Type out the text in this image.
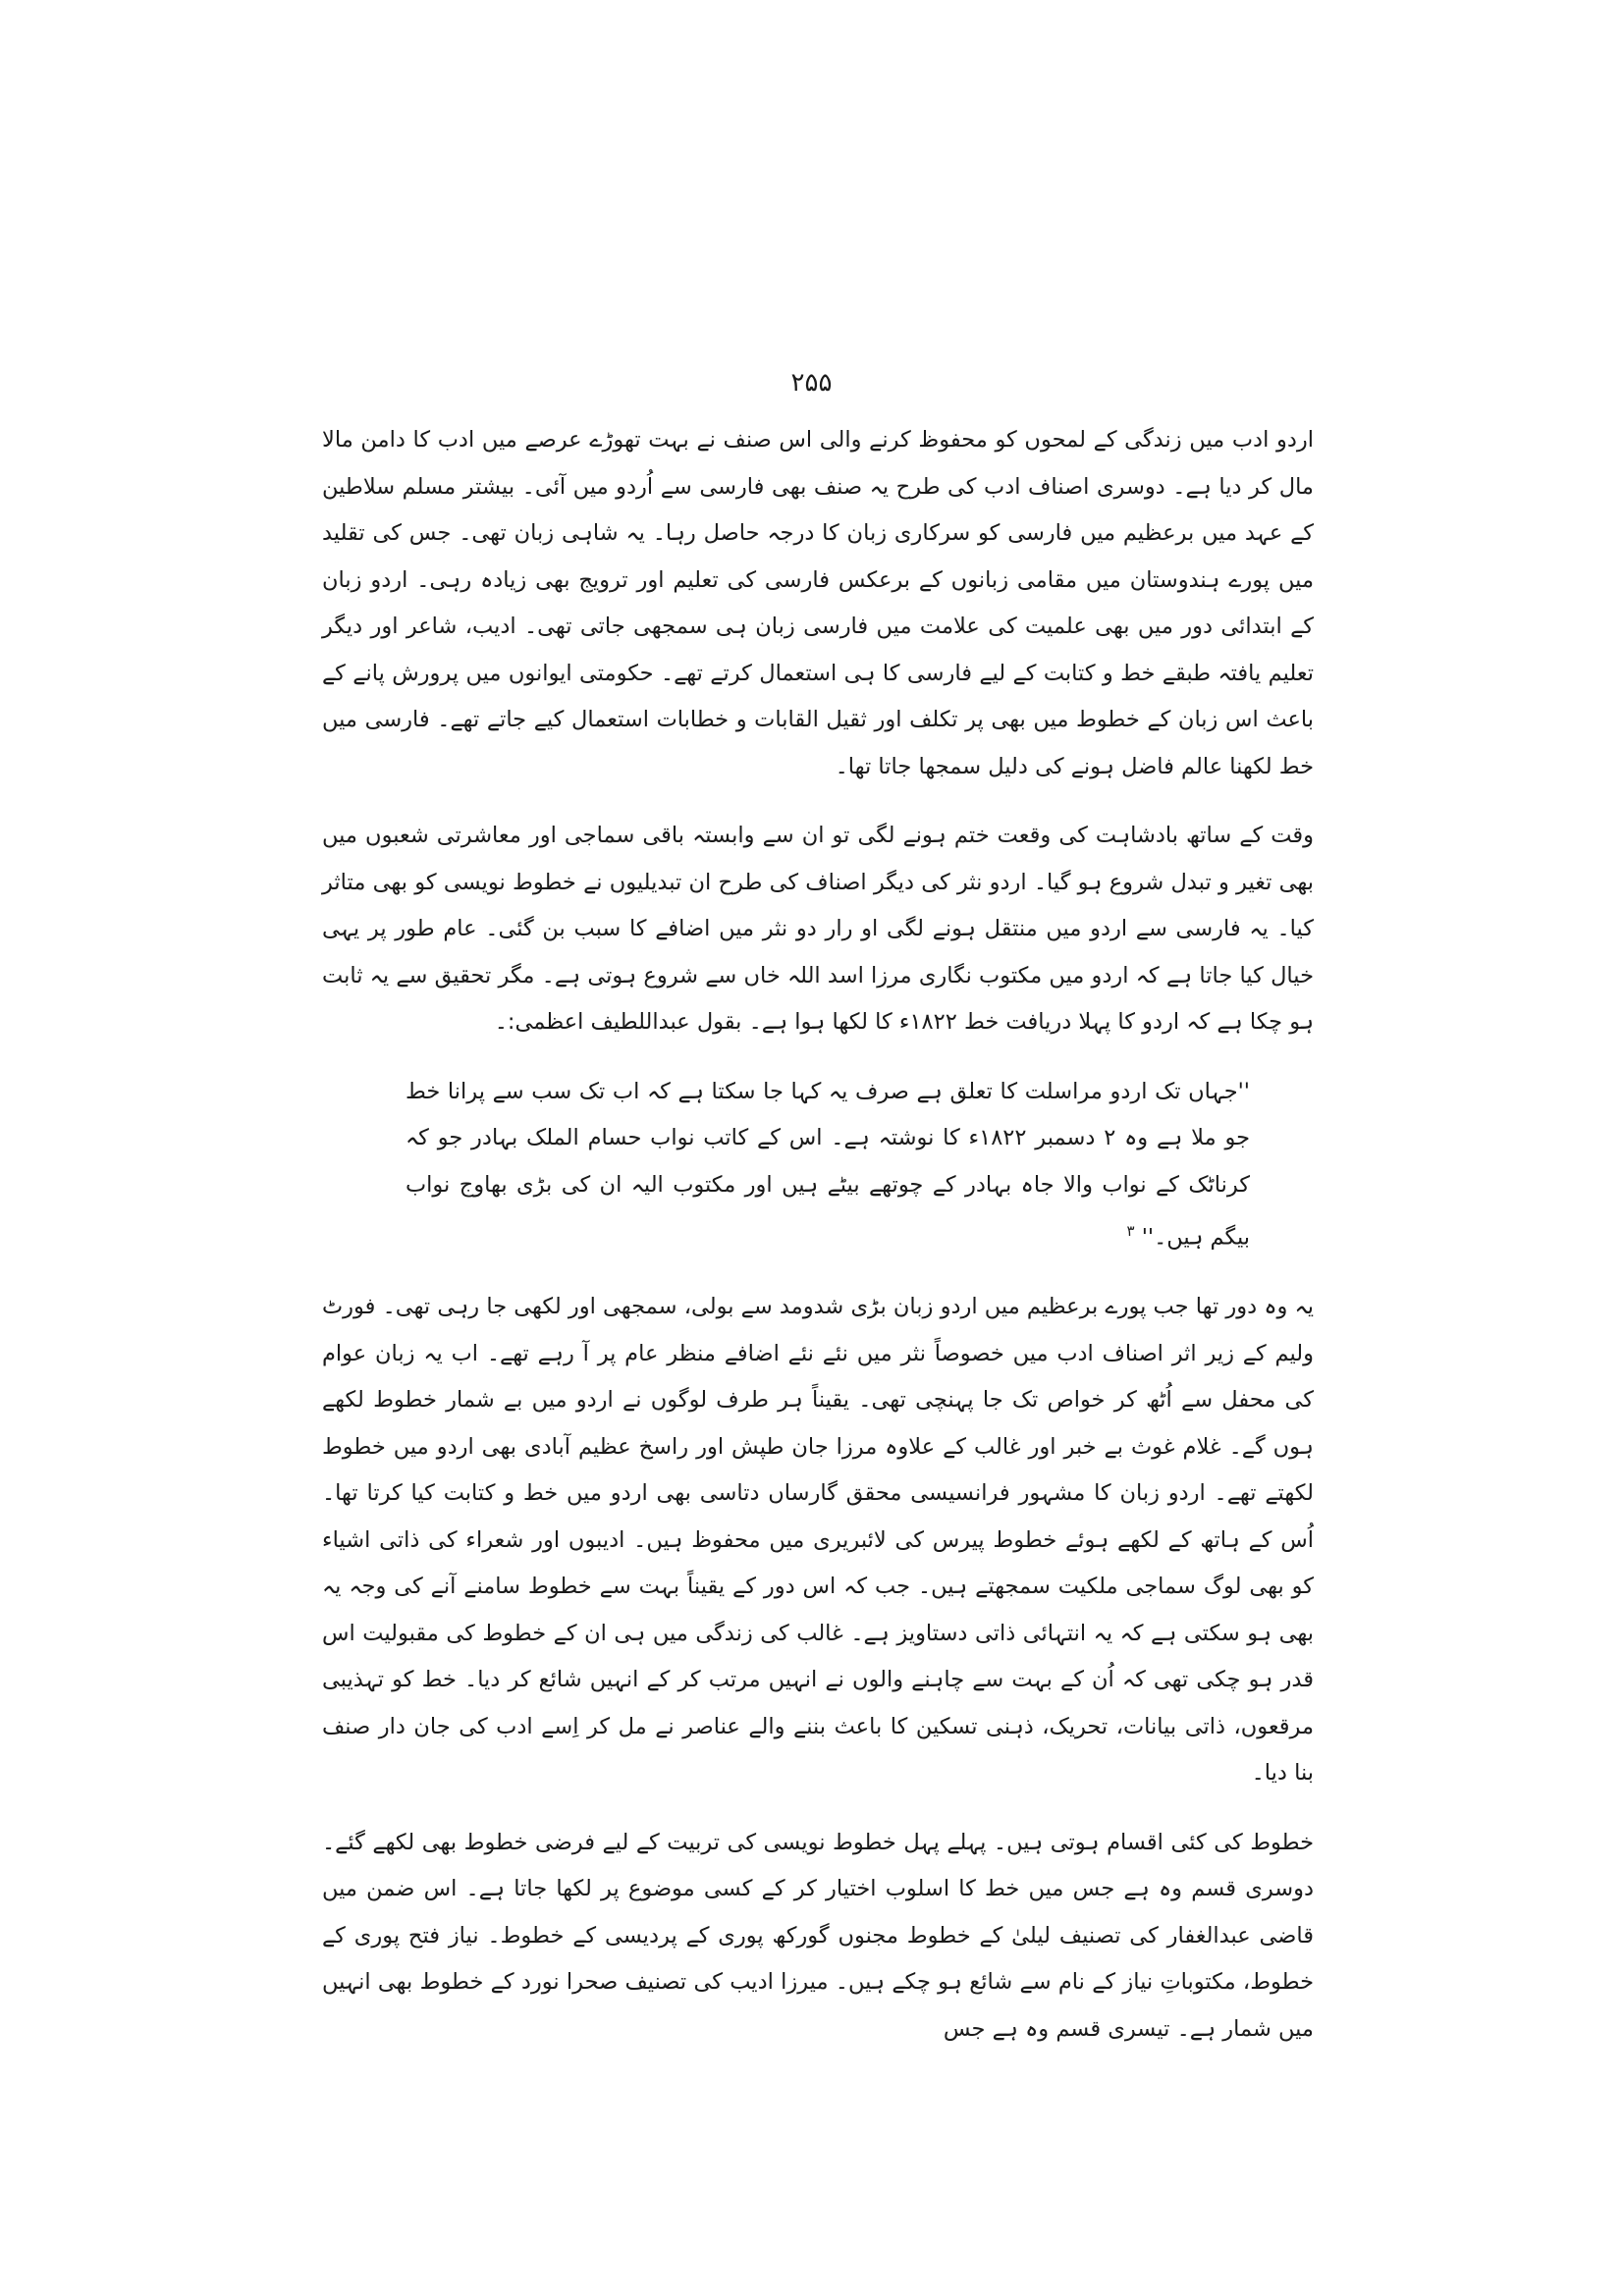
۲۵۵

اردو ادب میں زندگی کے لمحوں کو محفوظ کرنے والی اس صنف نے بہت تھوڑے عرصے میں ادب کا دامن مالا مال کر دیا ہے۔ دوسری اصناف ادب کی طرح یہ صنف بھی فارسی سے اُردو میں آئی۔ بیشتر مسلم سلاطین کے عہد میں برعظیم میں فارسی کو سرکاری زبان کا درجہ حاصل رہا۔ یہ شاہی زبان تھی۔ جس کی تقلید میں پورے ہندوستان میں مقامی زبانوں کے برعکس فارسی کی تعلیم اور ترویج بھی زیادہ رہی۔ اردو زبان کے ابتدائی دور میں بھی علمیت کی علامت میں فارسی زبان ہی سمجھی جاتی تھی۔ ادیب، شاعر اور دیگر تعلیم یافتہ طبقے خط و کتابت کے لیے فارسی کا ہی استعمال کرتے تھے۔ حکومتی ایوانوں میں پرورش پانے کے باعث اس زبان کے خطوط میں بھی پر تکلف اور ثقیل القابات و خطابات استعمال کیے جاتے تھے۔ فارسی میں خط لکھنا عالم فاضل ہونے کی دلیل سمجھا جاتا تھا۔

وقت کے ساتھ بادشاہت کی وقعت ختم ہونے لگی تو ان سے وابستہ باقی سماجی اور معاشرتی شعبوں میں بھی تغیر و تبدل شروع ہو گیا۔ اردو نثر کی دیگر اصناف کی طرح ان تبدیلیوں نے خطوط نویسی کو بھی متاثر کیا۔ یہ فارسی سے اردو میں منتقل ہونے لگی او رار دو نثر میں اضافے کا سبب بن گئی۔ عام طور پر یہی خیال کیا جاتا ہے کہ اردو میں مکتوب نگاری مرزا اسد اللہ خاں سے شروع ہوتی ہے۔ مگر تحقیق سے یہ ثابت ہو چکا ہے کہ اردو کا پہلا دریافت خط ۱۸۲۲ء کا لکھا ہوا ہے۔ بقول عبداللطیف اعظمی:۔

''جہاں تک اردو مراسلت کا تعلق ہے صرف یہ کہا جا سکتا ہے کہ اب تک سب سے پرانا خط جو ملا ہے وہ ۲ دسمبر ۱۸۲۲ء کا نوشتہ ہے۔ اس کے کاتب نواب حسام الملک بہادر جو کہ کرناٹک کے نواب والا جاہ بہادر کے چوتھے بیٹے ہیں اور مکتوب الیہ ان کی بڑی بھاوج نواب بیگم ہیں۔'' $^۳$

یہ وہ دور تھا جب پورے برعظیم میں اردو زبان بڑی شدومد سے بولی، سمجھی اور لکھی جا رہی تھی۔ فورٹ ولیم کے زیر اثر اصناف ادب میں خصوصاً نثر میں نئے نئے اضافے منظر عام پر آ رہے تھے۔ اب یہ زبان عوام کی محفل سے اُٹھ کر خواص تک جا پہنچی تھی۔ یقیناً ہر طرف لوگوں نے اردو میں بے شمار خطوط لکھے ہوں گے۔ غلام غوث بے خبر اور غالب کے علاوہ مرزا جان طپش اور راسخ عظیم آبادی بھی اردو میں خطوط لکھتے تھے۔ اردو زبان کا مشہور فرانسیسی محقق گارساں دتاسی بھی اردو میں خط و کتابت کیا کرتا تھا۔ اُس کے ہاتھ کے لکھے ہوئے خطوط پیرس کی لائبریری میں محفوظ ہیں۔ ادیبوں اور شعراء کی ذاتی اشیاء کو بھی لوگ سماجی ملکیت سمجھتے ہیں۔ جب کہ اس دور کے یقیناً بہت سے خطوط سامنے آنے کی وجہ یہ بھی ہو سکتی ہے کہ یہ انتہائی ذاتی دستاویز ہے۔ غالب کی زندگی میں ہی ان کے خطوط کی مقبولیت اس قدر ہو چکی تھی کہ اُن کے بہت سے چاہنے والوں نے انہیں مرتب کر کے انہیں شائع کر دیا۔ خط کو تہذیبی مرقعوں، ذاتی بیانات، تحریک، ذہنی تسکین کا باعث بننے والے عناصر نے مل کر اِسے ادب کی جان دار صنف بنا دیا۔

خطوط کی کئی اقسام ہوتی ہیں۔ پہلے پہل خطوط نویسی کی تربیت کے لیے فرضی خطوط بھی لکھے گئے۔ دوسری قسم وہ ہے جس میں خط کا اسلوب اختیار کر کے کسی موضوع پر لکھا جاتا ہے۔ اس ضمن میں قاضی عبدالغفار کی تصنیف لیلیٰ کے خطوط مجنوں گورکھ پوری کے پردیسی کے خطوط۔ نیاز فتح پوری کے خطوط، مکتوباتِ نیاز کے نام سے شائع ہو چکے ہیں۔ میرزا ادیب کی تصنیف صحرا نورد کے خطوط بھی انہیں میں شمار ہے۔ تیسری قسم وہ ہے جس
